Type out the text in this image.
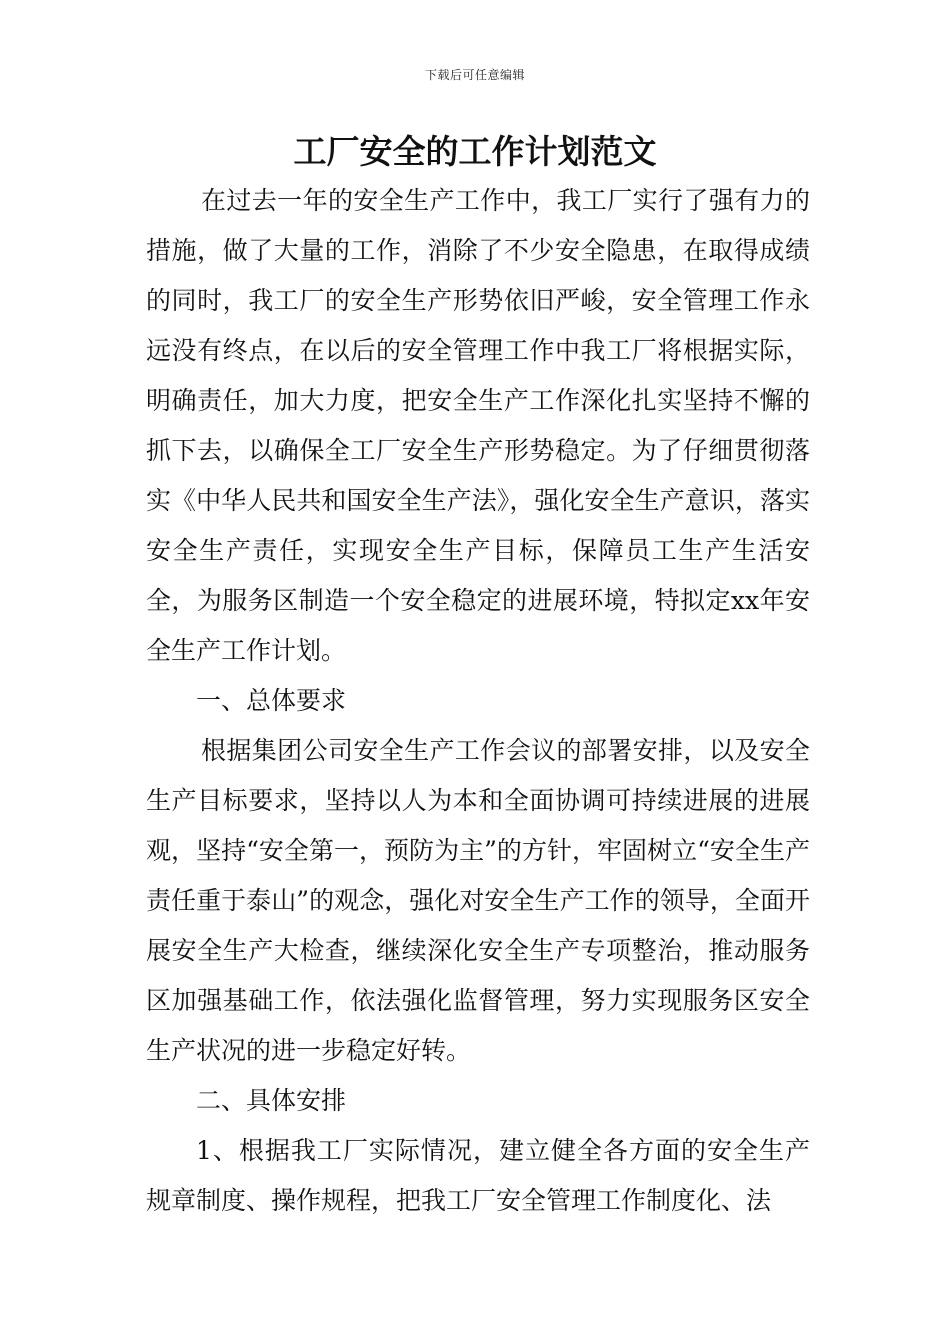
下载后可任意编辑
工厂安全的工作计划范文

在过去一年的安全生产工作中，我工厂实行了强有力的措施，做了大量的工作，消除了不少安全隐患，在取得成绩的同时，我工厂的安全生产形势依旧严峻，安全管理工作永远没有终点，在以后的安全管理工作中我工厂将根据实际，明确责任，加大力度，把安全生产工作深化扎实坚持不懈的抓下去，以确保全工厂安全生产形势稳定。为了仔细贯彻落实《中华人民共和国安全生产法》，强化安全生产意识，落实安全生产责任，实现安全生产目标，保障员工生产生活安全，为服务区制造一个安全稳定的进展环境，特拟定xx年安全生产工作计划。

一、总体要求

根据集团公司安全生产工作会议的部署安排，以及安全生产目标要求，坚持以人为本和全面协调可持续进展的进展观，坚持“安全第一，预防为主”的方针，牢固树立“安全生产责任重于泰山”的观念，强化对安全生产工作的领导，全面开展安全生产大检查，继续深化安全生产专项整治，推动服务区加强基础工作，依法强化监督管理，努力实现服务区安全生产状况的进一步稳定好转。

二、具体安排

1、根据我工厂实际情况，建立健全各方面的安全生产规章制度、操作规程，把我工厂安全管理工作制度化、法
